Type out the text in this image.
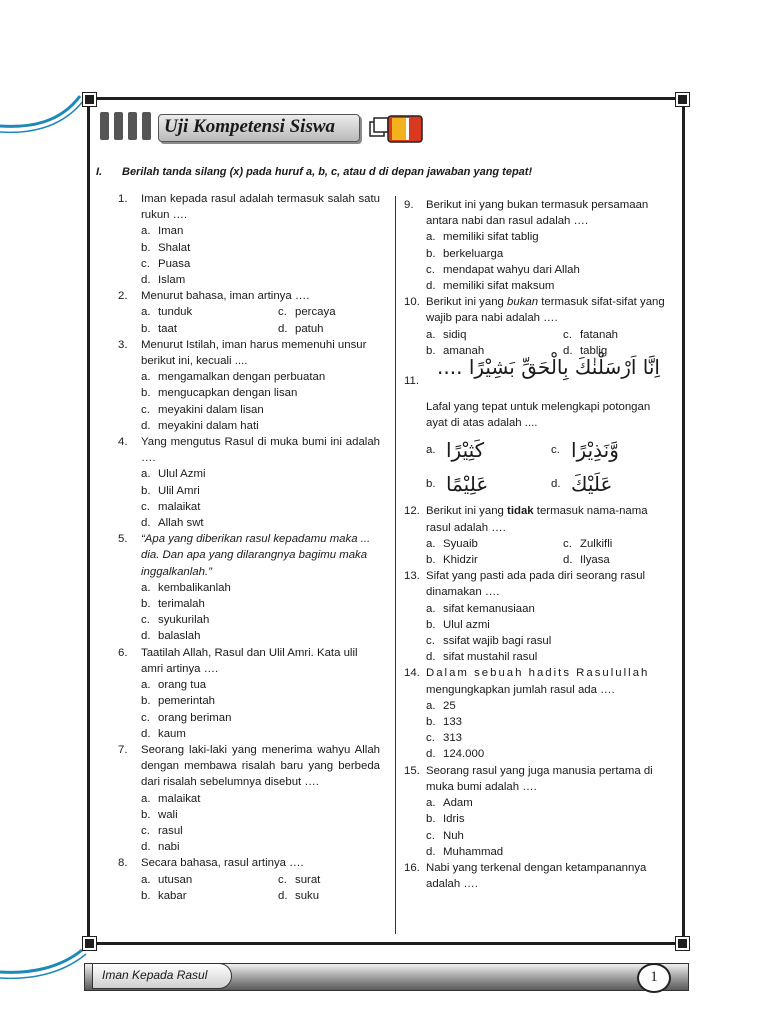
Uji Kompetensi Siswa
I. Berilah tanda silang (x) pada huruf a, b, c, atau d di depan jawaban yang tepat!
1. Iman kepada rasul adalah termasuk salah satu rukun ….
a. Iman
b. Shalat
c. Puasa
d. Islam
2. Menurut bahasa, iman artinya ….
a. tunduk	c. percaya
b. taat	d. patuh
3. Menurut Istilah, iman harus memenuhi unsur berikut ini, kecuali ....
a. mengamalkan dengan perbuatan
b. mengucapkan dengan lisan
c. meyakini dalam lisan
d. meyakini dalam hati
4. Yang mengutus Rasul di muka bumi ini adalah ….
a. Ulul Azmi
b. Ulil Amri
c. malaikat
d. Allah swt
5. “Apa yang diberikan rasul kepadamu maka ... dia. Dan apa yang dilarangnya bagimu maka inggalkanlah.”
a. kembalikanlah
b. terimalah
c. syukurilah
d. balaslah
6. Taatilah Allah, Rasul dan Ulil Amri. Kata ulil amri artinya ….
a. orang tua
b. pemerintah
c. orang beriman
d. kaum
7. Seorang laki-laki yang menerima wahyu Allah dengan membawa risalah baru yang berbeda dari risalah sebelumnya disebut ….
a. malaikat
b. wali
c. rasul
d. nabi
8. Secara bahasa, rasul artinya ….
a. utusan	c. surat
b. kabar	d. suku
9. Berikut ini yang bukan termasuk persamaan antara nabi dan rasul adalah ….
a. memiliki sifat tablig
b. berkeluarga
c. mendapat wahyu dari Allah
d. memiliki sifat maksum
10. Berikut ini yang bukan termasuk sifat-sifat yang wajib para nabi adalah ….
a. sidiq	c. fatanah
b. amanah	d. tablig
11.
اِنَّا اَرْسَلْنٰكَ بِالْحَقِّ بَشِيْرًا ....
Lafal yang tepat untuk melengkapi potongan ayat di atas adalah ....
a. كَثِيْرًا	c. وَّنَذِيْرًا
b. عَلِيْمًا	d. عَلَيْكَ
12. Berikut ini yang tidak termasuk nama-nama rasul adalah ….
a. Syuaib	c. Zulkifli
b. Khidzir	d. Ilyasa
13. Sifat yang pasti ada pada diri seorang rasul dinamakan ….
a. sifat kemanusiaan
b. Ulul azmi
c. ssifat wajib bagi rasul
d. sifat mustahil rasul
14. Dalam sebuah hadits Rasulullah
mengungkapkan jumlah rasul ada ….
a. 25
b. 133
c. 313
d. 124.000
15. Seorang rasul yang juga manusia pertama di muka bumi adalah ….
a. Adam
b. Idris
c. Nuh
d. Muhammad
16. Nabi yang terkenal dengan ketampanannya adalah ….
Iman Kepada Rasul	1
